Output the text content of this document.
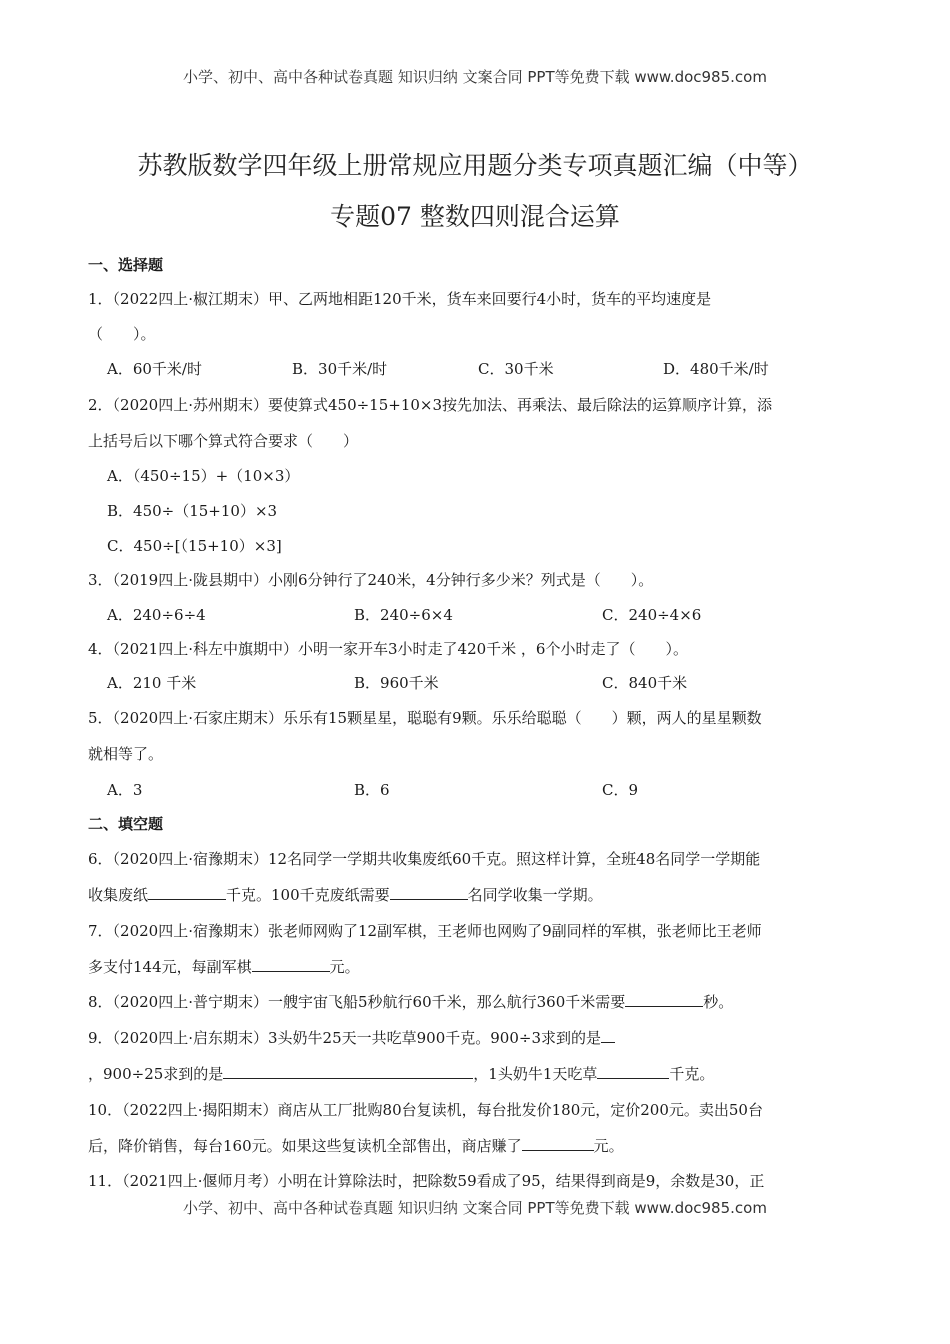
小学、初中、高中各种试卷真题 知识归纳 文案合同 PPT等免费下载 www.doc985.com
苏教版数学四年级上册常规应用题分类专项真题汇编（中等）
专题07 整数四则混合运算
一、选择题
1．（2022四上·椒江期末）甲、乙两地相距120千米，货车来回要行4小时，货车的平均速度是
（　　）。
A．60千米/时	B．30千米/时	C．30千米	D．480千米/时
2．（2020四上·苏州期末）要使算式450÷15+10×3按先加法、再乘法、最后除法的运算顺序计算，添
上括号后以下哪个算式符合要求（　　）
A．（450÷15）+（10×3）
B．450÷（15+10）×3
C．450÷[（15+10）×3]
3．（2019四上·陇县期中）小刚6分钟行了240米，4分钟行多少米？列式是（　　）。
A．240÷6÷4	B．240÷6×4	C．240÷4×6
4．（2021四上·科左中旗期中）小明一家开车3小时走了420千米 ，6个小时走了（　　）。
A．210 千米	B．960千米	C．840千米
5．（2020四上·石家庄期末）乐乐有15颗星星，聪聪有9颗。乐乐给聪聪（　　）颗，两人的星星颗数
就相等了。
A．3	B．6	C．9
二、填空题
6．（2020四上·宿豫期末）12名同学一学期共收集废纸60千克。照这样计算，全班48名同学一学期能
收集废纸	千克。100千克废纸需要	名同学收集一学期。
7．（2020四上·宿豫期末）张老师网购了12副军棋，王老师也网购了9副同样的军棋，张老师比王老师
多支付144元，每副军棋	元。
8．（2020四上·普宁期末）一艘宇宙飞船5秒航行60千米，那么航行360千米需要	秒。
9．（2020四上·启东期末）3头奶牛25天一共吃草900千克。900÷3求到的是
，900÷25求到的是	，1头奶牛1天吃草	千克。
10．（2022四上·揭阳期末）商店从工厂批购80台复读机，每台批发价180元，定价200元。卖出50台
后，降价销售，每台160元。如果这些复读机全部售出，商店赚了	元。
11．（2021四上·偃师月考）小明在计算除法时，把除数59看成了95，结果得到商是9，余数是30，正
小学、初中、高中各种试卷真题 知识归纳 文案合同 PPT等免费下载 www.doc985.com
